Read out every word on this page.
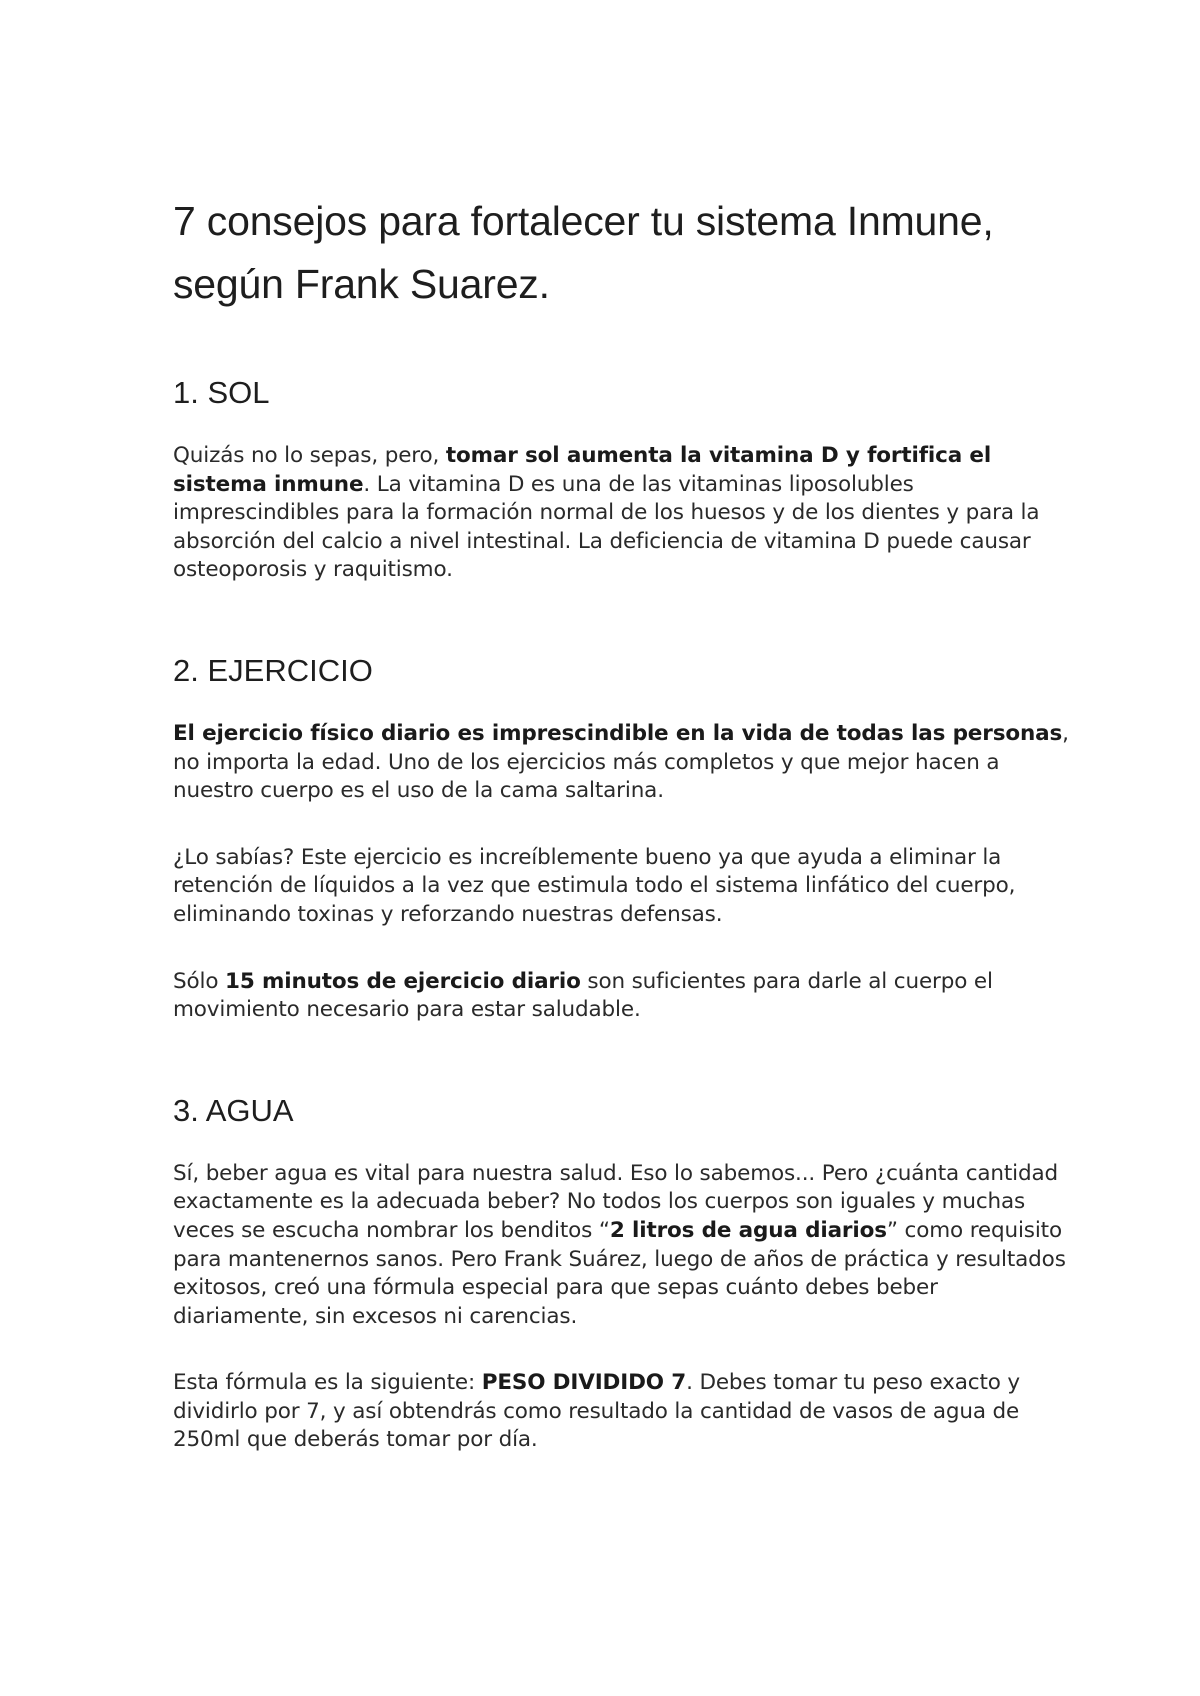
7 consejos para fortalecer tu sistema Inmune, según Frank Suarez.
1. SOL

Quizás no lo sepas, pero, tomar sol aumenta la vitamina D y fortifica el sistema inmune. La vitamina D es una de las vitaminas liposolubles imprescindibles para la formación normal de los huesos y de los dientes y para la absorción del calcio a nivel intestinal. La deficiencia de vitamina D puede causar osteoporosis y raquitismo.

2. EJERCICIO

El ejercicio físico diario es imprescindible en la vida de todas las personas, no importa la edad. Uno de los ejercicios más completos y que mejor hacen a nuestro cuerpo es el uso de la cama saltarina.

¿Lo sabías? Este ejercicio es increíblemente bueno ya que ayuda a eliminar la retención de líquidos a la vez que estimula todo el sistema linfático del cuerpo, eliminando toxinas y reforzando nuestras defensas.

Sólo 15 minutos de ejercicio diario son suficientes para darle al cuerpo el movimiento necesario para estar saludable.

3. AGUA

Sí, beber agua es vital para nuestra salud. Eso lo sabemos... Pero ¿cuánta cantidad exactamente es la adecuada beber? No todos los cuerpos son iguales y muchas veces se escucha nombrar los benditos “2 litros de agua diarios” como requisito para mantenernos sanos. Pero Frank Suárez, luego de años de práctica y resultados exitosos, creó una fórmula especial para que sepas cuánto debes beber diariamente, sin excesos ni carencias.

Esta fórmula es la siguiente: PESO DIVIDIDO 7. Debes tomar tu peso exacto y dividirlo por 7, y así obtendrás como resultado la cantidad de vasos de agua de 250ml que deberás tomar por día.
